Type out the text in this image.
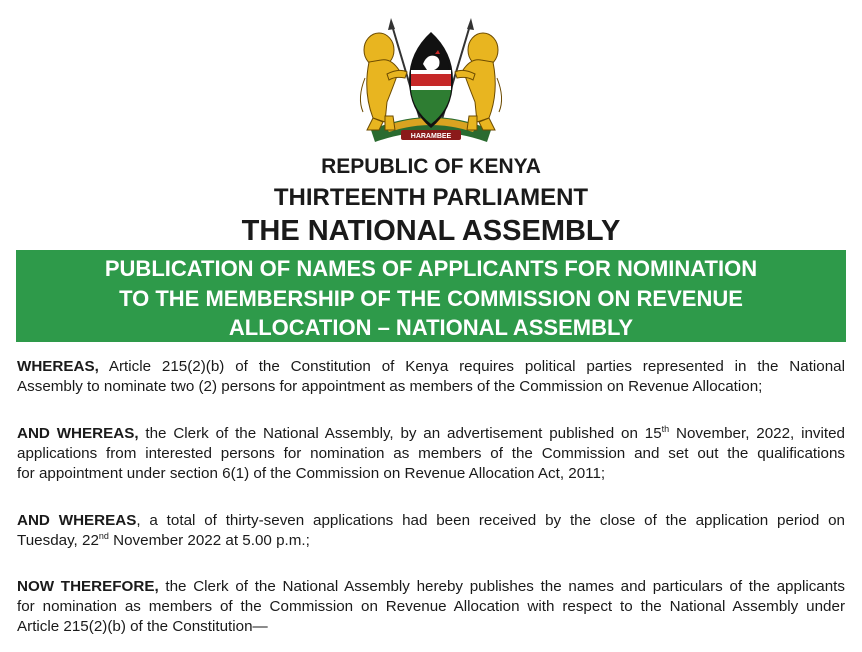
HARAMBEE
REPUBLIC OF KENYA
THIRTEENTH PARLIAMENT
THE NATIONAL ASSEMBLY
PUBLICATION OF NAMES OF APPLICANTS FOR NOMINATION
TO THE MEMBERSHIP OF THE COMMISSION ON REVENUE
ALLOCATION – NATIONAL ASSEMBLY
WHEREAS, Article 215(2)(b) of the Constitution of Kenya requires political parties represented in the National
Assembly to nominate two (2) persons for appointment as members of the Commission on Revenue Allocation;
AND WHEREAS, the Clerk of the National Assembly, by an advertisement published on 15th November, 2022, invited
applications from interested persons for nomination as members of the Commission and set out the qualifications
for appointment under section 6(1) of the Commission on Revenue Allocation Act, 2011;
AND WHEREAS, a total of thirty-seven applications had been received by the close of the application period on
Tuesday, 22nd November 2022 at 5.00 p.m.;
NOW THEREFORE, the Clerk of the National Assembly hereby publishes the names and particulars of the applicants
for nomination as members of the Commission on Revenue Allocation with respect to the National Assembly under
Article 215(2)(b) of the Constitution—
